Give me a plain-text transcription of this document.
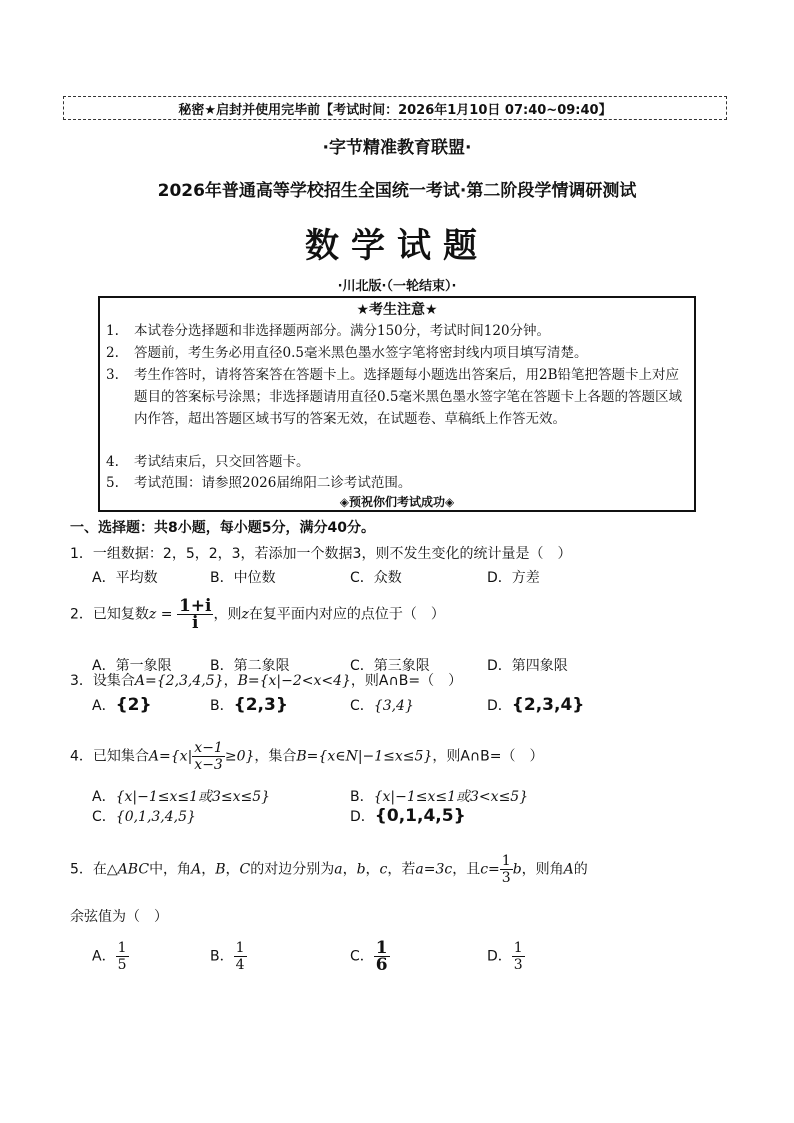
秘密★启封并使用完毕前【考试时间：2026年1月10日 07:40~09:40】
·字节精准教育联盟·
2026年普通高等学校招生全国统一考试·第二阶段学情调研测试
数学试题
·川北版·（一轮结束）·
★考生注意★
1.	本试卷分选择题和非选择题两部分。满分150分，考试时间120分钟。
2.	答题前，考生务必用直径0.5毫米黑色墨水签字笔将密封线内项目填写清楚。
3.	考生作答时，请将答案答在答题卡上。选择题每小题选出答案后，用2B铅笔把答题卡上对应题目的答案标号涂黑；非选择题请用直径0.5毫米黑色墨水签字笔在答题卡上各题的答题区域内作答，超出答题区域书写的答案无效，在试题卷、草稿纸上作答无效。
4.	考试结束后，只交回答题卡。
5.	考试范围：请参照2026届绵阳二诊考试范围。
◈预祝你们考试成功◈
一、选择题：共8小题，每小题5分，满分40分。
1．一组数据：2，5，2，3，若添加一个数据3，则不发生变化的统计量是（　）
A．平均数	B．中位数	C．众数	D．方差
2．已知复数$z = \frac{1+i}{i}$ ，则z在复平面内对应的点位于（　）
A．第一象限	B．第二象限	C．第三象限	D．第四象限
3．设集合A={2,3,4,5}，B={x|−2<x<4}，则A∩B=（　）
A．{2}	B．{2,3}	C．{3,4}	D．{2,3,4}
4．已知集合$A=\{x| \frac{x-1}{x-3} \ge 0\}$，集合B={x∈N|−1≤x≤5}，则A∩B=（　）
A．{x|−1≤x≤1或3≤x≤5}	B．{x|−1≤x≤1或3<x≤5}
C．{0,1,3,4,5}	D．{0,1,4,5}
5．在△ABC中，角A，B，C的对边分别为a，b，c，若a=3c，且$c= \frac{1}{3}$ b，则角A的
余弦值为（　）
A． $\frac{1}{5}$	B． $\frac{1}{4}$	C． $\frac{1}{6}$	D． $\frac{1}{3}$
